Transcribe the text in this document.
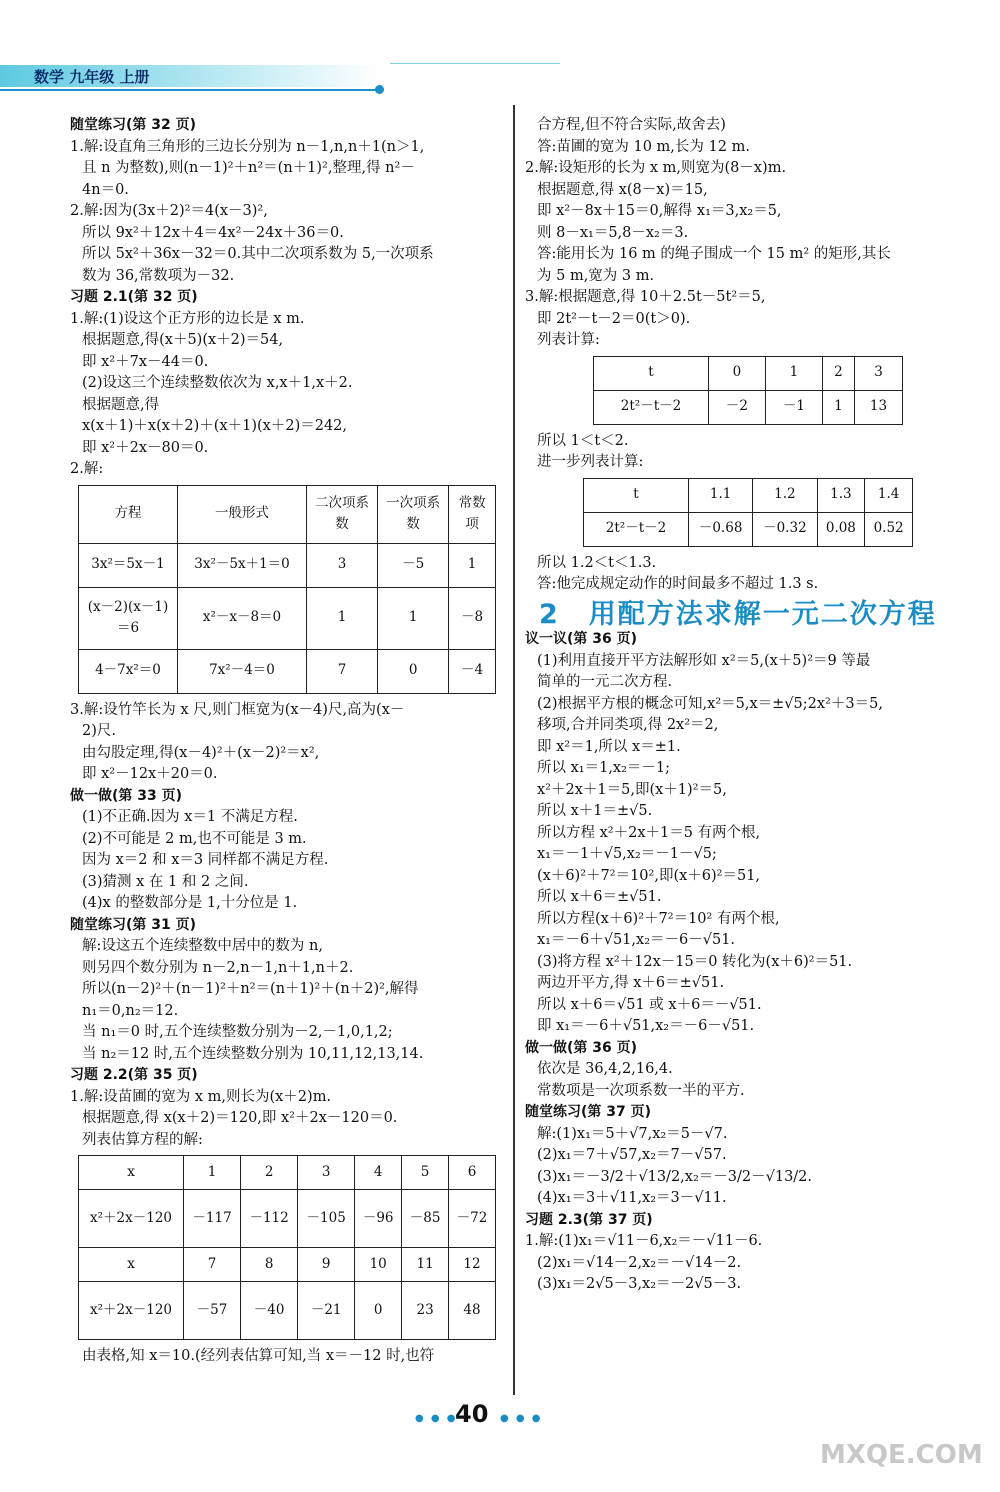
数学 九年级 上册
随堂练习(第 32 页)
1.解:设直角三角形的三边长分别为 n－1,n,n＋1(n＞1,
且 n 为整数),则(n－1)²＋n²＝(n＋1)²,整理,得 n²－
4n＝0.
2.解:因为(3x＋2)²＝4(x－3)²,
所以 9x²＋12x＋4＝4x²－24x＋36＝0.
所以 5x²＋36x－32＝0.其中二次项系数为 5,一次项系
数为 36,常数项为－32.
习题 2.1(第 32 页)
1.解:(1)设这个正方形的边长是 x m.
根据题意,得(x＋5)(x＋2)＝54,
即 x²＋7x－44＝0.
(2)设这三个连续整数依次为 x,x＋1,x＋2.
根据题意,得
x(x＋1)＋x(x＋2)＋(x＋1)(x＋2)＝242,
即 x²＋2x－80＝0.
2.解:
方程	一般形式	二次项系数	一次项系数	常数项
3x²＝5x－1	3x²－5x＋1＝0	3	－5	1
(x－2)(x－1)＝6	x²－x－8＝0	1	1	－8
4－7x²＝0	7x²－4＝0	7	0	－4
3.解:设竹竿长为 x 尺,则门框宽为(x－4)尺,高为(x－
2)尺.
由勾股定理,得(x－4)²＋(x－2)²＝x²,
即 x²－12x＋20＝0.
做一做(第 33 页)
(1)不正确.因为 x＝1 不满足方程.
(2)不可能是 2 m,也不可能是 3 m.
因为 x＝2 和 x＝3 同样都不满足方程.
(3)猜测 x 在 1 和 2 之间.
(4)x 的整数部分是 1,十分位是 1.
随堂练习(第 31 页)
解:设这五个连续整数中居中的数为 n,
则另四个数分别为 n－2,n－1,n＋1,n＋2.
所以(n－2)²＋(n－1)²＋n²＝(n＋1)²＋(n＋2)²,解得
n₁＝0,n₂＝12.
当 n₁＝0 时,五个连续整数分别为－2,－1,0,1,2;
当 n₂＝12 时,五个连续整数分别为 10,11,12,13,14.
习题 2.2(第 35 页)
1.解:设苗圃的宽为 x m,则长为(x＋2)m.
根据题意,得 x(x＋2)＝120,即 x²＋2x－120＝0.
列表估算方程的解:
x	1	2	3	4	5	6
x²＋2x－120	－117	－112	－105	－96	－85	－72
x	7	8	9	10	11	12
x²＋2x－120	－57	－40	－21	0	23	48
由表格,知 x＝10.(经列表估算可知,当 x＝－12 时,也符
合方程,但不符合实际,故舍去)
答:苗圃的宽为 10 m,长为 12 m.
2.解:设矩形的长为 x m,则宽为(8－x)m.
根据题意,得 x(8－x)＝15,
即 x²－8x＋15＝0,解得 x₁＝3,x₂＝5,
则 8－x₁＝5,8－x₂＝3.
答:能用长为 16 m 的绳子围成一个 15 m² 的矩形,其长
为 5 m,宽为 3 m.
3.解:根据题意,得 10＋2.5t－5t²＝5,
即 2t²－t－2＝0(t＞0).
列表计算:
t	0	1	2	3
2t²－t－2	－2	－1	1	13
所以 1＜t＜2.
进一步列表计算:
t	1.1	1.2	1.3	1.4
2t²－t－2	－0.68	－0.32	0.08	0.52
所以 1.2＜t＜1.3.
答:他完成规定动作的时间最多不超过 1.3 s.
2　用配方法求解一元二次方程
议一议(第 36 页)
(1)利用直接开平方法解形如 x²＝5,(x＋5)²＝9 等最
简单的一元二次方程.
(2)根据平方根的概念可知,x²＝5,x＝±√5;2x²＋3＝5,
移项,合并同类项,得 2x²＝2,
即 x²＝1,所以 x＝±1.
所以 x₁＝1,x₂＝－1;
x²＋2x＋1＝5,即(x＋1)²＝5,
所以 x＋1＝±√5.
所以方程 x²＋2x＋1＝5 有两个根,
x₁＝－1＋√5,x₂＝－1－√5;
(x＋6)²＋7²＝10²,即(x＋6)²＝51,
所以 x＋6＝±√51.
所以方程(x＋6)²＋7²＝10² 有两个根,
x₁＝－6＋√51,x₂＝－6－√51.
(3)将方程 x²＋12x－15＝0 转化为(x＋6)²＝51.
两边开平方,得 x＋6＝±√51.
所以 x＋6＝√51 或 x＋6＝－√51.
即 x₁＝－6＋√51,x₂＝－6－√51.
做一做(第 36 页)
依次是 36,4,2,16,4.
常数项是一次项系数一半的平方.
随堂练习(第 37 页)
解:(1)x₁＝5＋√7,x₂＝5－√7.
(2)x₁＝7＋√57,x₂＝7－√57.
(3)x₁＝－3/2＋√13/2,x₂＝－3/2－√13/2.
(4)x₁＝3＋√11,x₂＝3－√11.
习题 2.3(第 37 页)
1.解:(1)x₁＝√11－6,x₂＝－√11－6.
(2)x₁＝√14－2,x₂＝－√14－2.
(3)x₁＝2√5－3,x₂＝－2√5－3.
● ● ●
40 ● ● ●
MXQE.COM
